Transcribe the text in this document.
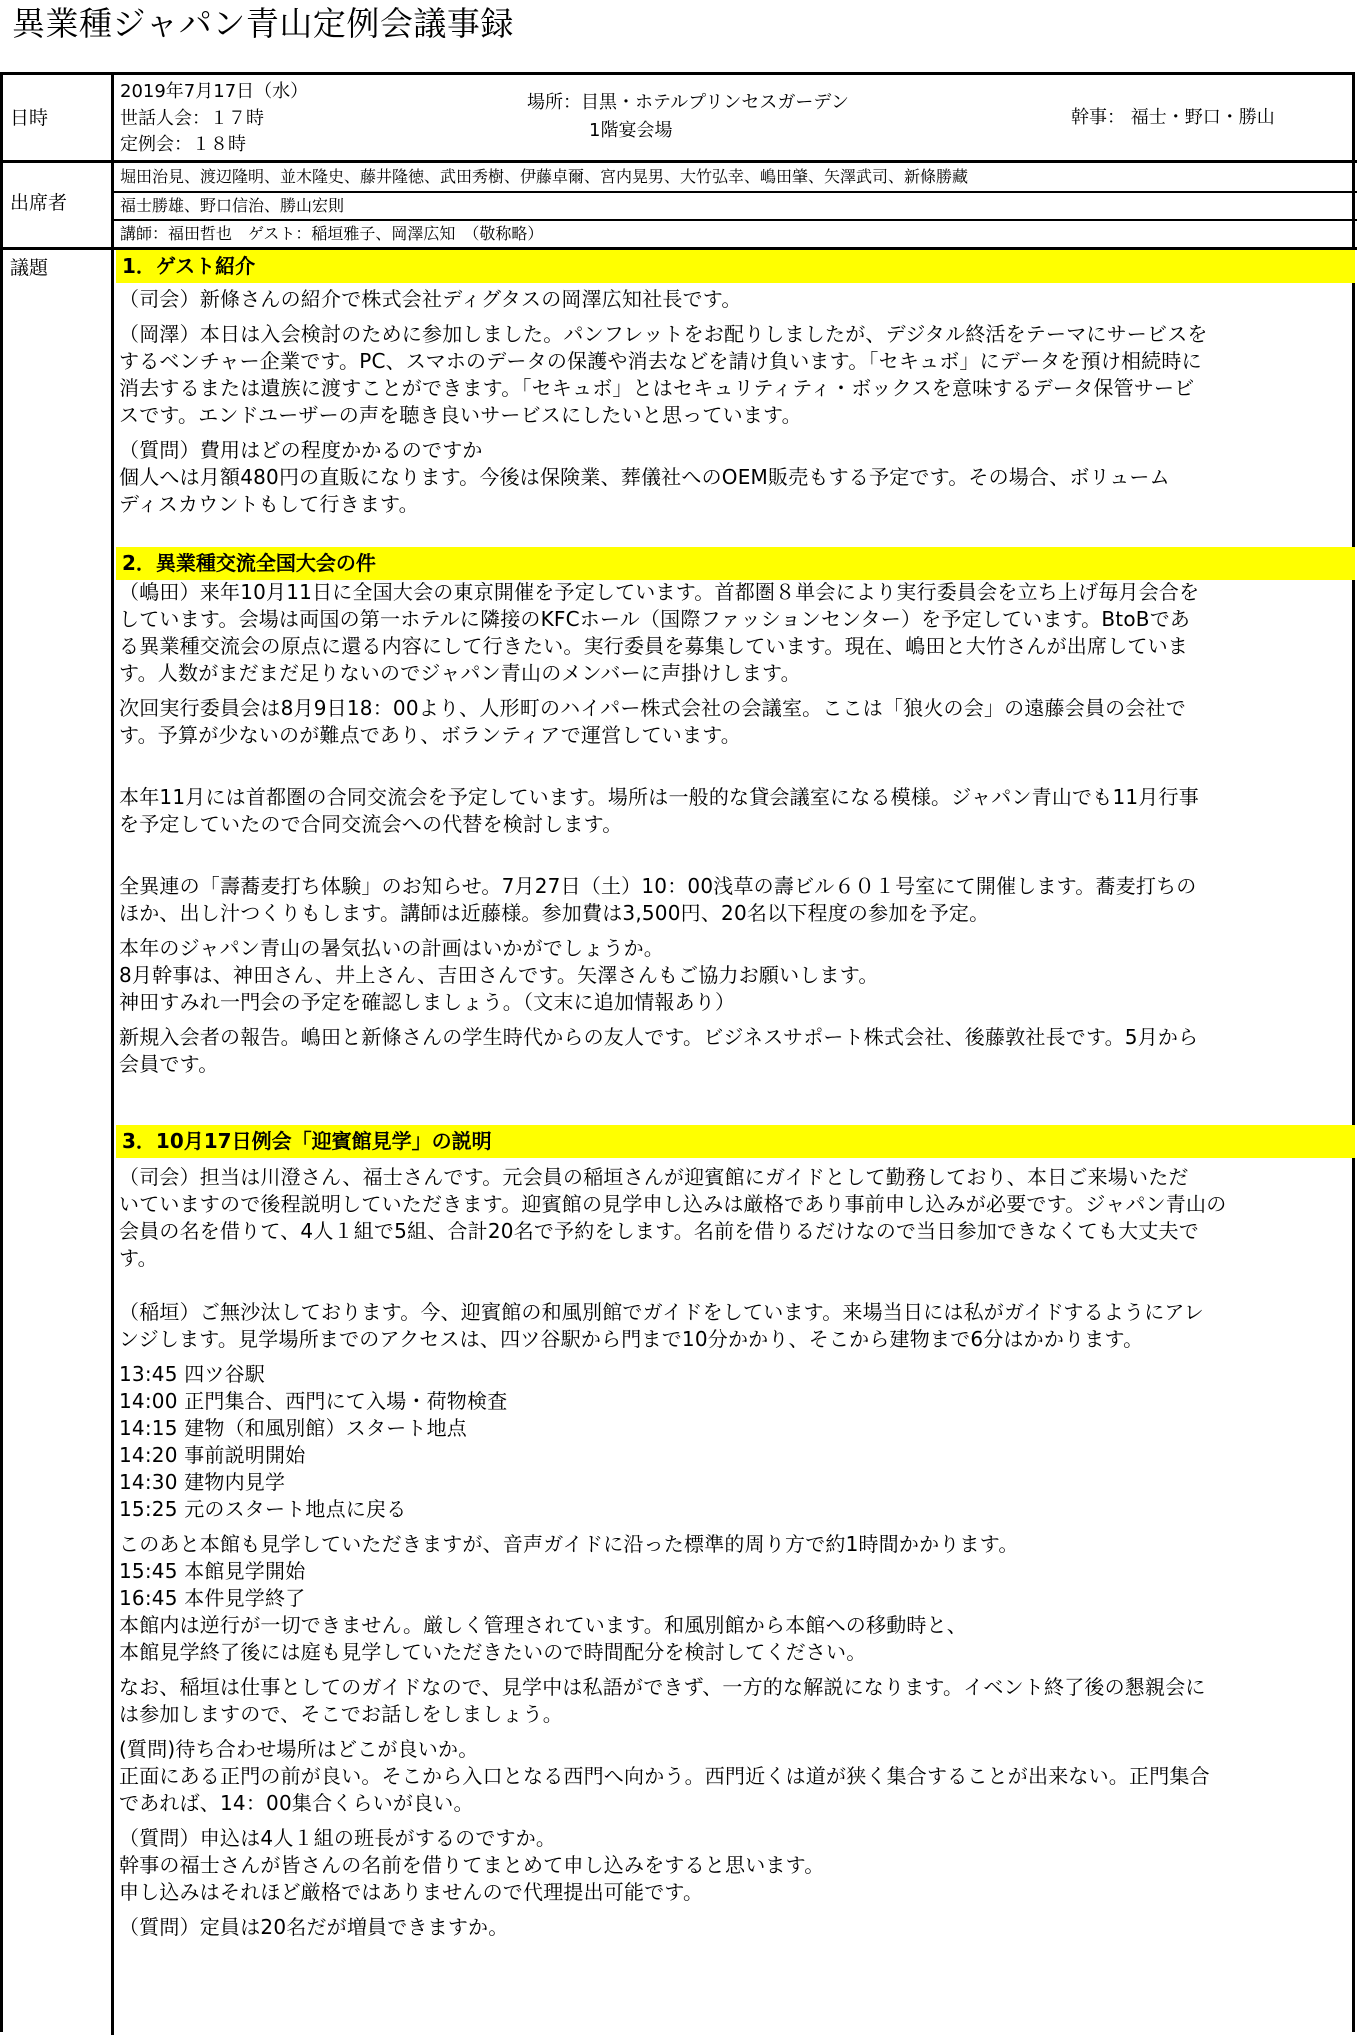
異業種ジャパン青山定例会議事録
日時
2019年7月17日（水）
世話人会：１７時
定例会：１８時
場所：目黒・ホテルプリンセスガーデン
1階宴会場
幹事： 福士・野口・勝山
出席者
堀田治見、渡辺隆明、並木隆史、藤井隆徳、武田秀樹、伊藤卓爾、宮内晃男、大竹弘幸、嶋田肇、矢澤武司、新條勝藏
福士勝雄、野口信治、勝山宏則
講師：福田哲也　ゲスト：稲垣雅子、岡澤広知　（敬称略）
議題	1．ゲスト紹介

（司会）新條さんの紹介で株式会社ディグタスの岡澤広知社長です。

（岡澤）本日は入会検討のために参加しました。パンフレットをお配りしましたが、デジタル終活をテーマにサービスを

するベンチャー企業です。PC、スマホのデータの保護や消去などを請け負います。「セキュボ」にデータを預け相続時に

消去するまたは遺族に渡すことができます。「セキュボ」とはセキュリティティ・ボックスを意味するデータ保管サービ

スです。エンドユーザーの声を聴き良いサービスにしたいと思っています。

（質問）費用はどの程度かかるのですか

個人へは月額480円の直販になります。今後は保険業、葬儀社へのOEM販売もする予定です。その場合、ボリューム

ディスカウントもして行きます。

2．異業種交流全国大会の件

（嶋田）来年10月11日に全国大会の東京開催を予定しています。首都圏８単会により実行委員会を立ち上げ毎月会合を

しています。会場は両国の第一ホテルに隣接のKFCホール（国際ファッションセンター）を予定しています。BtoBであ

る異業種交流会の原点に還る内容にして行きたい。実行委員を募集しています。現在、嶋田と大竹さんが出席していま

す。人数がまだまだ足りないのでジャパン青山のメンバーに声掛けします。

次回実行委員会は8月9日18：00より、人形町のハイパー株式会社の会議室。ここは「狼火の会」の遠藤会員の会社で

す。予算が少ないのが難点であり、ボランティアで運営しています。

本年11月には首都圏の合同交流会を予定しています。場所は一般的な貸会議室になる模様。ジャパン青山でも11月行事

を予定していたので合同交流会への代替を検討します。

全異連の「壽蕎麦打ち体験」のお知らせ。7月27日（土）10：00浅草の壽ビル６０１号室にて開催します。蕎麦打ちの

ほか、出し汁つくりもします。講師は近藤様。参加費は3,500円、20名以下程度の参加を予定。

本年のジャパン青山の暑気払いの計画はいかがでしょうか。

8月幹事は、神田さん、井上さん、吉田さんです。矢澤さんもご協力お願いします。

神田すみれ一門会の予定を確認しましょう。（文末に追加情報あり）

新規入会者の報告。嶋田と新條さんの学生時代からの友人です。ビジネスサポート株式会社、後藤敦社長です。5月から

会員です。

3．10月17日例会「迎賓館見学」の説明

（司会）担当は川澄さん、福士さんです。元会員の稲垣さんが迎賓館にガイドとして勤務しており、本日ご来場いただ

いていますので後程説明していただきます。迎賓館の見学申し込みは厳格であり事前申し込みが必要です。ジャパン青山の

会員の名を借りて、4人１組で5組、合計20名で予約をします。名前を借りるだけなので当日参加できなくても大丈夫で

す。

（稲垣）ご無沙汰しております。今、迎賓館の和風別館でガイドをしています。来場当日には私がガイドするようにアレ

ンジします。見学場所までのアクセスは、四ツ谷駅から門まで10分かかり、そこから建物まで6分はかかります。

13:45 四ツ谷駅

14:00 正門集合、西門にて入場・荷物検査

14:15 建物（和風別館）スタート地点

14:20 事前説明開始

14:30 建物内見学

15:25 元のスタート地点に戻る

このあと本館も見学していただきますが、音声ガイドに沿った標準的周り方で約1時間かかります。

15:45 本館見学開始

16:45 本件見学終了

本館内は逆行が一切できません。厳しく管理されています。和風別館から本館への移動時と、

本館見学終了後には庭も見学していただきたいので時間配分を検討してください。

なお、稲垣は仕事としてのガイドなので、見学中は私語ができず、一方的な解説になります。イベント終了後の懇親会に

は参加しますので、そこでお話しをしましょう。

(質問)待ち合わせ場所はどこが良いか。

正面にある正門の前が良い。そこから入口となる西門へ向かう。西門近くは道が狭く集合することが出来ない。正門集合

であれば、14：00集合くらいが良い。

（質問）申込は4人１組の班長がするのですか。

幹事の福士さんが皆さんの名前を借りてまとめて申し込みをすると思います。

申し込みはそれほど厳格ではありませんので代理提出可能です。

（質問）定員は20名だが増員できますか。
